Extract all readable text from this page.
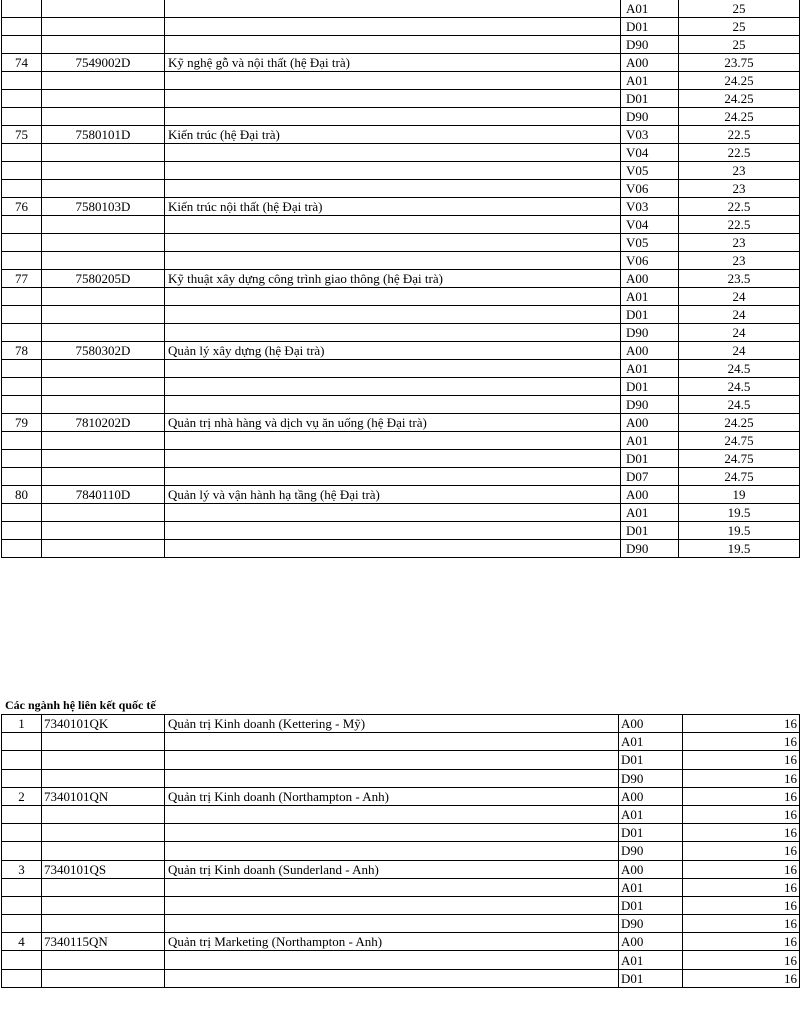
			A01	25
			D01	25
			D90	25
74	7549002D	Kỹ nghệ gỗ và nội thất (hệ Đại trà)	A00	23.75
			A01	24.25
			D01	24.25
			D90	24.25
75	7580101D	Kiến trúc (hệ Đại trà)	V03	22.5
			V04	22.5
			V05	23
			V06	23
76	7580103D	Kiến trúc nội thất (hệ Đại trà)	V03	22.5
			V04	22.5
			V05	23
			V06	23
77	7580205D	Kỹ thuật xây dựng công trình giao thông (hệ Đại trà)	A00	23.5
			A01	24
			D01	24
			D90	24
78	7580302D	Quản lý xây dựng (hệ Đại trà)	A00	24
			A01	24.5
			D01	24.5
			D90	24.5
79	7810202D	Quản trị nhà hàng và dịch vụ ăn uống (hệ Đại trà)	A00	24.25
			A01	24.75
			D01	24.75
			D07	24.75
80	7840110D	Quản lý và vận hành hạ tầng (hệ Đại trà)	A00	19
			A01	19.5
			D01	19.5
			D90	19.5
Các ngành hệ liên kết quốc tế
1	7340101QK	Quản trị Kinh doanh (Kettering - Mỹ)	A00	16
			A01	16
			D01	16
			D90	16
2	7340101QN	Quản trị Kinh doanh (Northampton - Anh)	A00	16
			A01	16
			D01	16
			D90	16
3	7340101QS	Quản trị Kinh doanh (Sunderland - Anh)	A00	16
			A01	16
			D01	16
			D90	16
4	7340115QN	Quản trị Marketing (Northampton - Anh)	A00	16
			A01	16
			D01	16
